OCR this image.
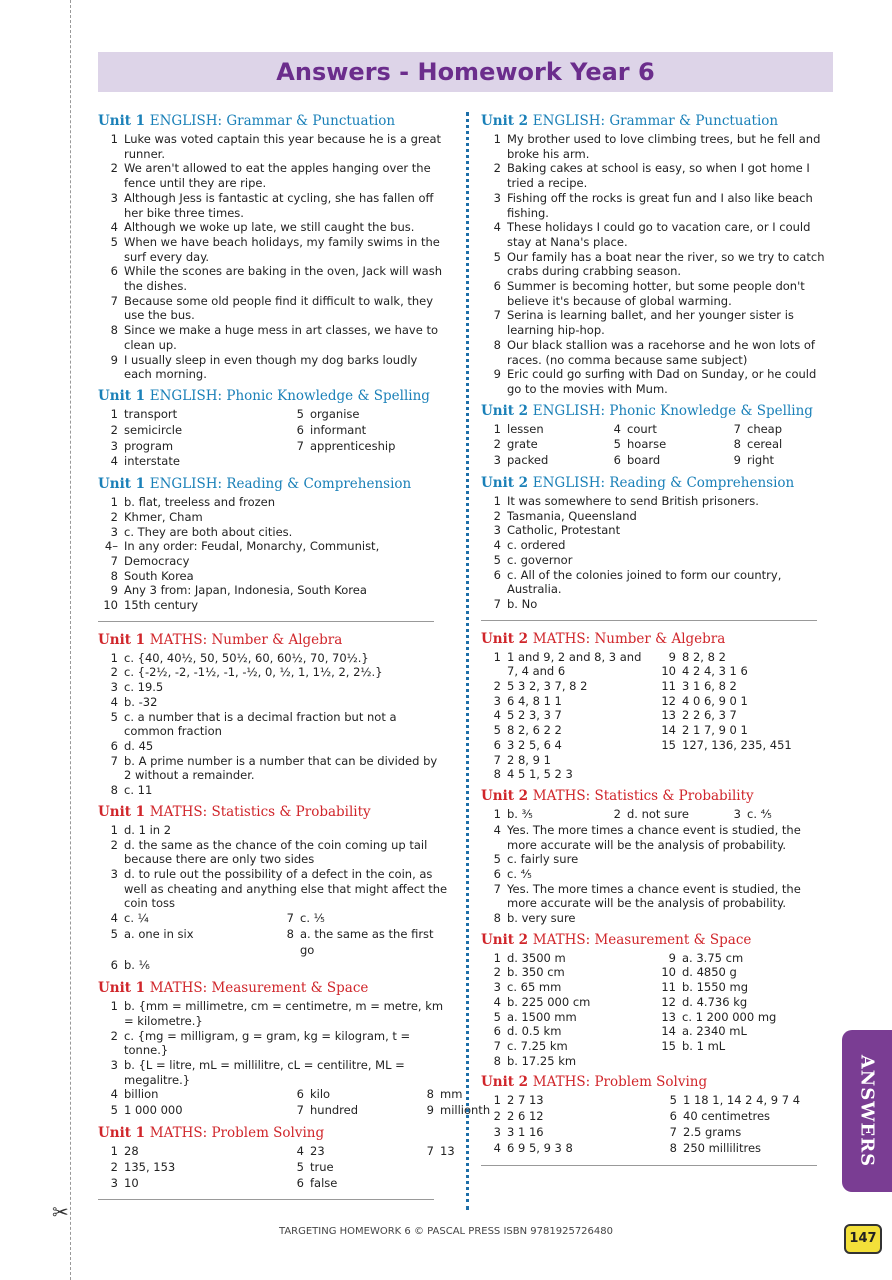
✂
Answers - Homework Year 6
Unit 1 ENGLISH: Grammar & Punctuation
1 Luke was voted captain this year because he is a great runner.
2 We aren't allowed to eat the apples hanging over the fence until they are ripe.
3 Although Jess is fantastic at cycling, she has fallen off her bike three times.
4 Although we woke up late, we still caught the bus.
5 When we have beach holidays, my family swims in the surf every day.
6 While the scones are baking in the oven, Jack will wash the dishes.
7 Because some old people find it difficult to walk, they use the bus.
8 Since we make a huge mess in art classes, we have to clean up.
9 I usually sleep in even though my dog barks loudly each morning.
Unit 1 ENGLISH: Phonic Knowledge & Spelling
1 transport	5 organise
2 semicircle	6 informant
3 program	7 apprenticeship
4 interstate
Unit 1 ENGLISH: Reading & Comprehension
1 b. flat, treeless and frozen
2 Khmer, Cham
3 c. They are both about cities.
4–7
In any order: Feudal, Monarchy, Communist, Democracy
8 South Korea
9 Any 3 from: Japan, Indonesia, South Korea
10 15th century
Unit 1 MATHS: Number & Algebra
1 c. {40, 40½, 50, 50½, 60, 60½, 70, 70½.}
2 c. {-2½, -2, -1½, -1, -½, 0, ½, 1, 1½, 2, 2½.}
3 c. 19.5
4 b. -32
5 c. a number that is a decimal fraction but not a common fraction
6 d. 45
7 b. A prime number is a number that can be divided by 2 without a remainder.
8 c. 11
Unit 1 MATHS: Statistics & Probability
1 d. 1 in 2
2 d. the same as the chance of the coin coming up tail because there are only two sides
3 d. to rule out the possibility of a defect in the coin, as well as cheating and anything else that might affect the coin toss
4 c. ¼	7 c. ⅕
5 a. one in six	8 a. the same as the first go
6 b. ⅙
Unit 1 MATHS: Measurement & Space
1 b. {mm = millimetre, cm = centimetre, m = metre, km = kilometre.}
2 c. {mg = milligram, g = gram, kg = kilogram, t = tonne.}
3 b. {L = litre, mL = millilitre, cL = centilitre, ML = megalitre.}
4 billion	6 kilo	8 mm
5 1 000 000	7 hundred	9 millionth
Unit 1 MATHS: Problem Solving
1 28	4 23	7 13
2 135, 153	5 true
3 10	6 false
Unit 2 ENGLISH: Grammar & Punctuation
1 My brother used to love climbing trees, but he fell and broke his arm.
2 Baking cakes at school is easy, so when I got home I tried a recipe.
3 Fishing off the rocks is great fun and I also like beach fishing.
4 These holidays I could go to vacation care, or I could stay at Nana's place.
5 Our family has a boat near the river, so we try to catch crabs during crabbing season.
6 Summer is becoming hotter, but some people don't believe it's because of global warming.
7 Serina is learning ballet, and her younger sister is learning hip-hop.
8 Our black stallion was a racehorse and he won lots of races. (no comma because same subject)
9 Eric could go surfing with Dad on Sunday, or he could go to the movies with Mum.
Unit 2 ENGLISH: Phonic Knowledge & Spelling
1 lessen	4 court	7 cheap
2 grate	5 hoarse	8 cereal
3 packed	6 board	9 right
Unit 2 ENGLISH: Reading & Comprehension
1 It was somewhere to send British prisoners.
2 Tasmania, Queensland
3 Catholic, Protestant
4 c. ordered
5 c. governor
6 c. All of the colonies joined to form our country, Australia.
7 b. No
Unit 2 MATHS: Number & Algebra
1 1 and 9, 2 and 8, 3 and 7, 4 and 6
2 5 3 2, 3 7, 8 2
3 6 4, 8 1 1
4 5 2 3, 3 7
5 8 2, 6 2 2
6 3 2 5, 6 4
7 2 8, 9 1
8 4 5 1, 5 2 3
9 8 2, 8 2
10 4 2 4, 3 1 6
11 3 1 6, 8 2
12 4 0 6, 9 0 1
13 2 2 6, 3 7
14 2 1 7, 9 0 1
15 127, 136, 235, 451
Unit 2 MATHS: Statistics & Probability
1 b. ⅗	2 d. not sure	3 c. ⅘
4 Yes. The more times a chance event is studied, the more accurate will be the analysis of probability.
5 c. fairly sure
6 c. ⅘
7 Yes. The more times a chance event is studied, the more accurate will be the analysis of probability.
8 b. very sure
Unit 2 MATHS: Measurement & Space
1 d. 3500 m
2 b. 350 cm
3 c. 65 mm
4 b. 225 000 cm
5 a. 1500 mm
6 d. 0.5 km
7 c. 7.25 km
8 b. 17.25 km
9 a. 3.75 cm
10 d. 4850 g
11 b. 1550 mg
12 d. 4.736 kg
13 c. 1 200 000 mg
14 a. 2340 mL
15 b. 1 mL
Unit 2 MATHS: Problem Solving
1 2 7 13	5 1 18 1, 14 2 4, 9 7 4
2 2 6 12	6 40 centimetres
3 3 1 16	7 2.5 grams
4 6 9 5, 9 3 8	8 250 millilitres	ANSWERS
TARGETING HOMEWORK 6 © PASCAL PRESS ISBN 9781925726480	147
